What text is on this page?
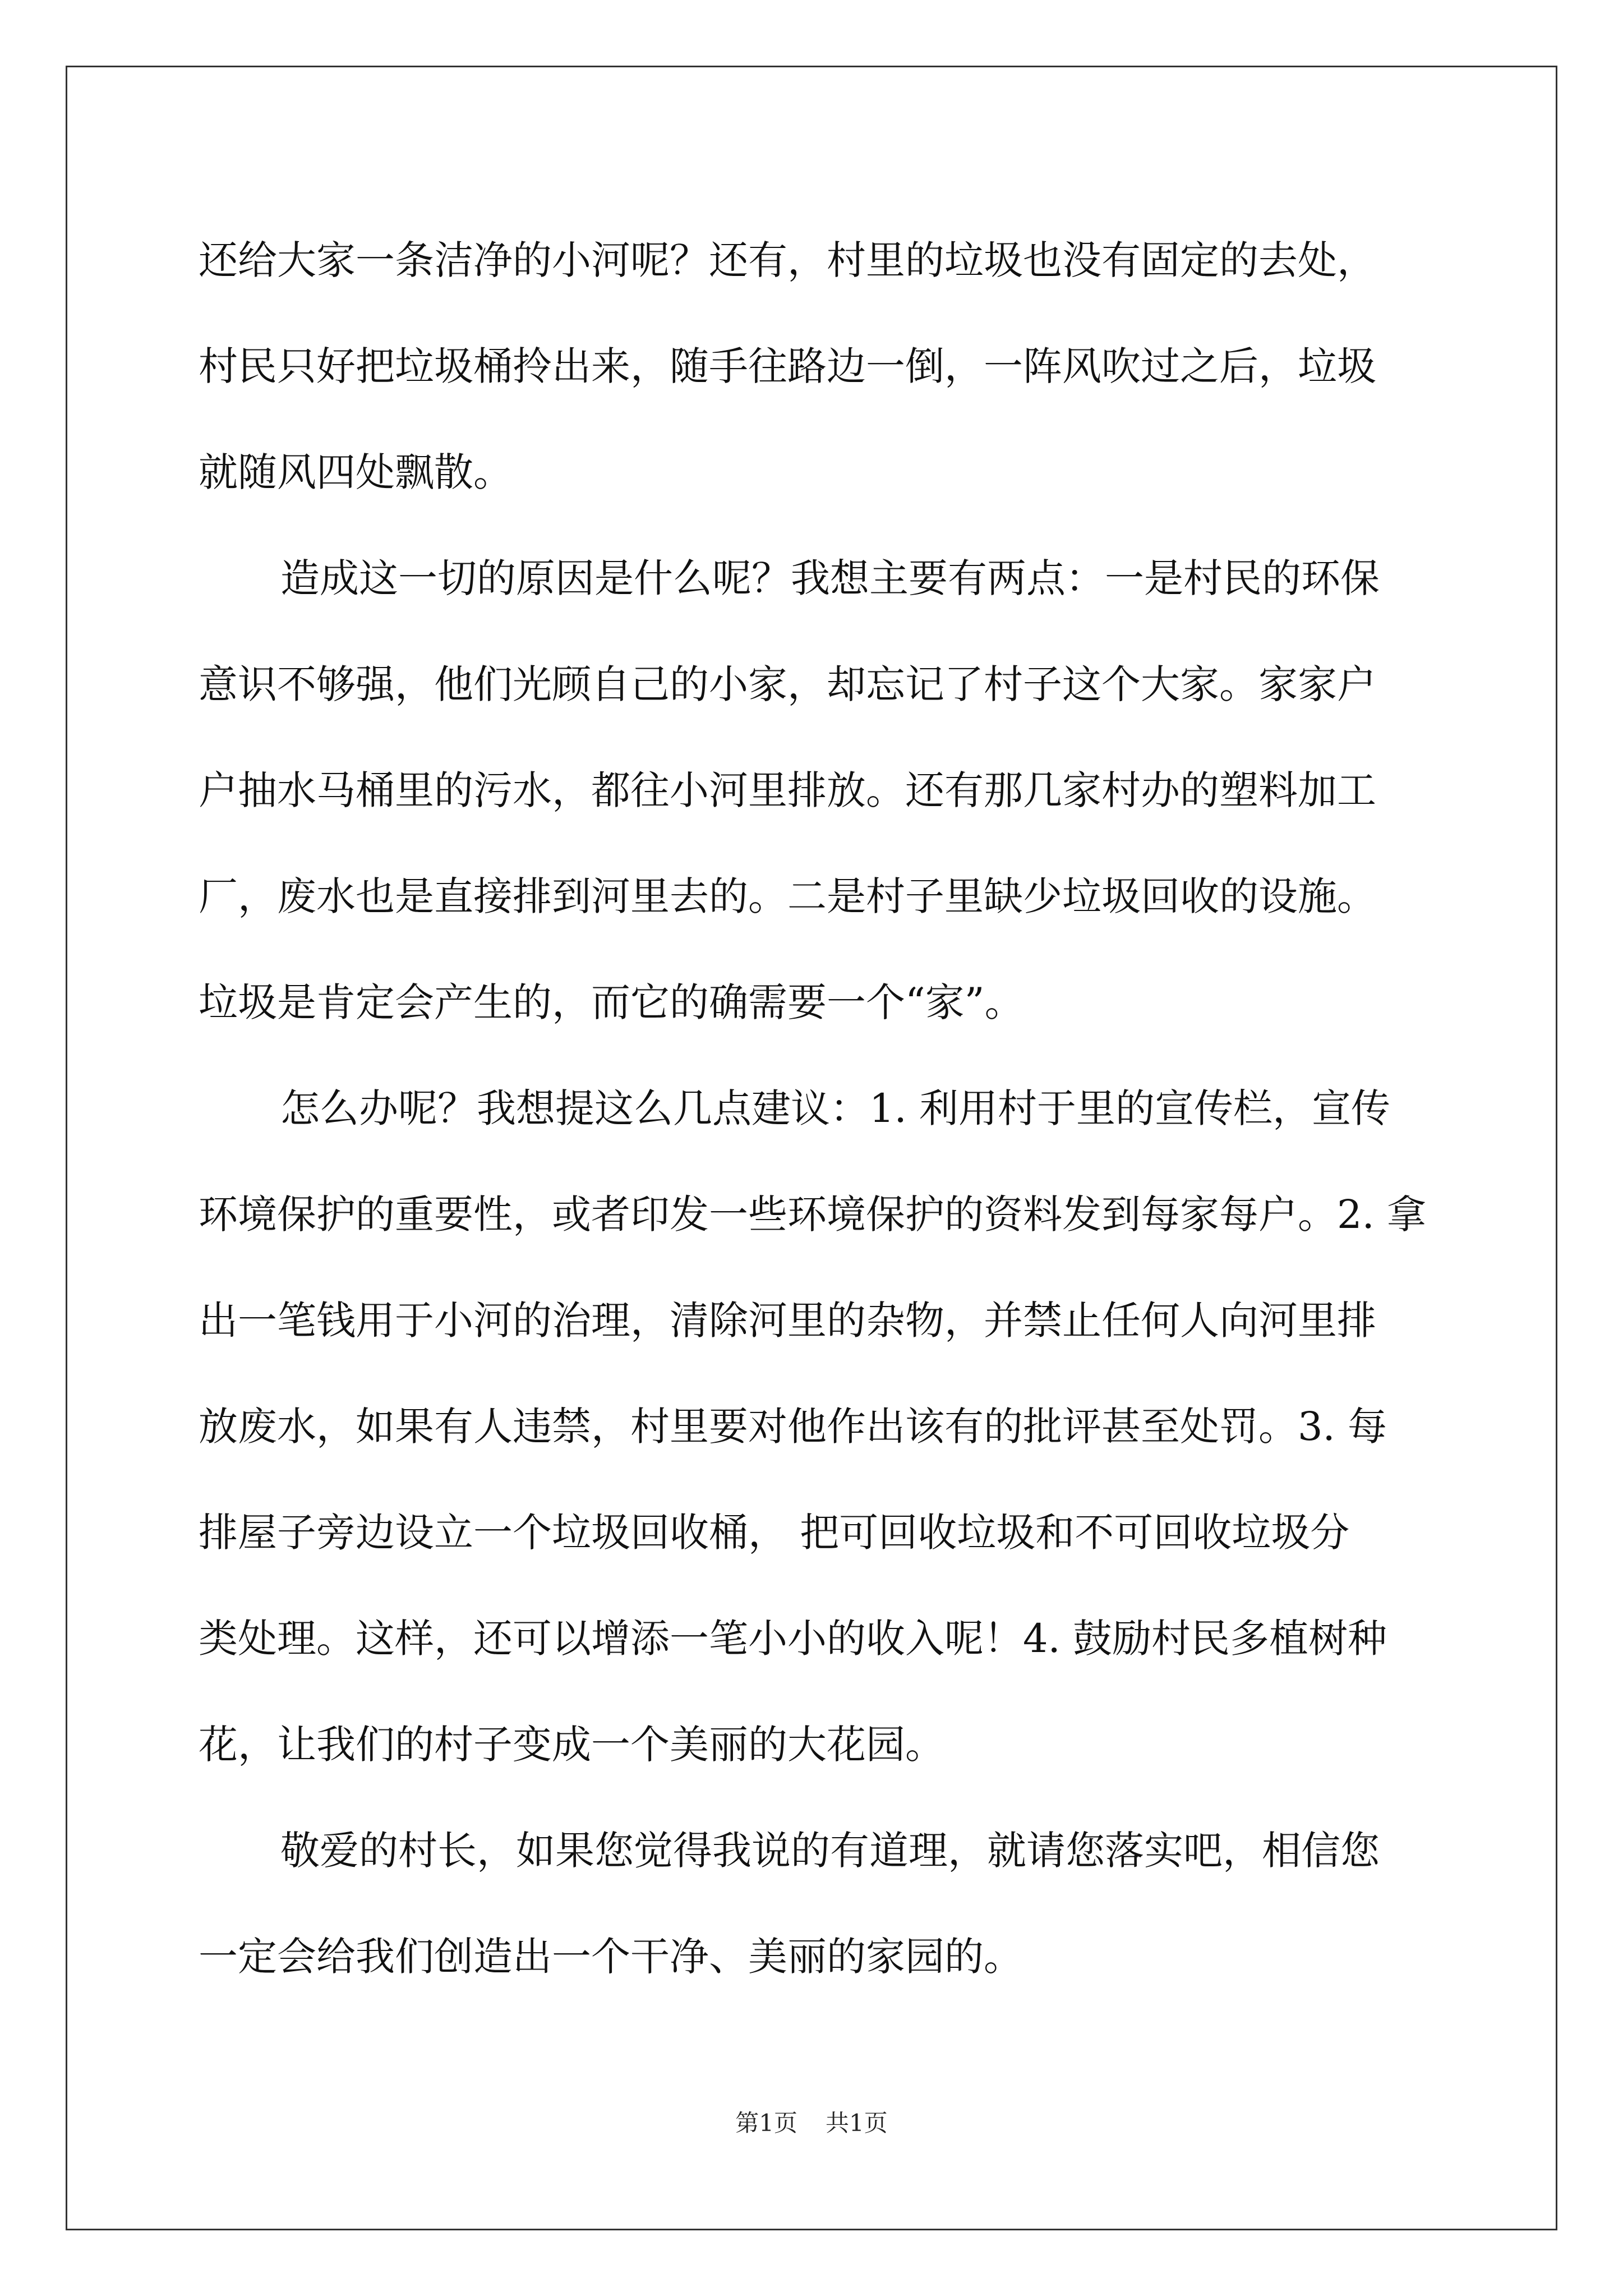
还给大家一条洁净的小河呢？还有，村里的垃圾也没有固定的去处，
村民只好把垃圾桶拎出来，随手往路边一倒，一阵风吹过之后，垃圾
就随风四处飘散。
造成这一切的原因是什么呢？我想主要有两点：一是村民的环保
意识不够强，他们光顾自己的小家，却忘记了村子这个大家。家家户
户抽水马桶里的污水，都往小河里排放。还有那几家村办的塑料加工
厂，废水也是直接排到河里去的。二是村子里缺少垃圾回收的设施。
垃圾是肯定会产生的，而它的确需要一个“家”。
怎么办呢？我想提这么几点建议：1. 利用村于里的宣传栏，宣传
环境保护的重要性，或者印发一些环境保护的资料发到每家每户。2. 拿
出一笔钱用于小河的治理，清除河里的杂物，并禁止任何人向河里排
放废水，如果有人违禁，村里要对他作出该有的批评甚至处罚。3. 每
排屋子旁边设立一个垃圾回收桶， 把可回收垃圾和不可回收垃圾分
类处理。这样，还可以增添一笔小小的收入呢！4. 鼓励村民多植树种
花，让我们的村子变成一个美丽的大花园。
敬爱的村长，如果您觉得我说的有道理，就请您落实吧，相信您
一定会给我们创造出一个干净、美丽的家园的。
第1页 共1页
